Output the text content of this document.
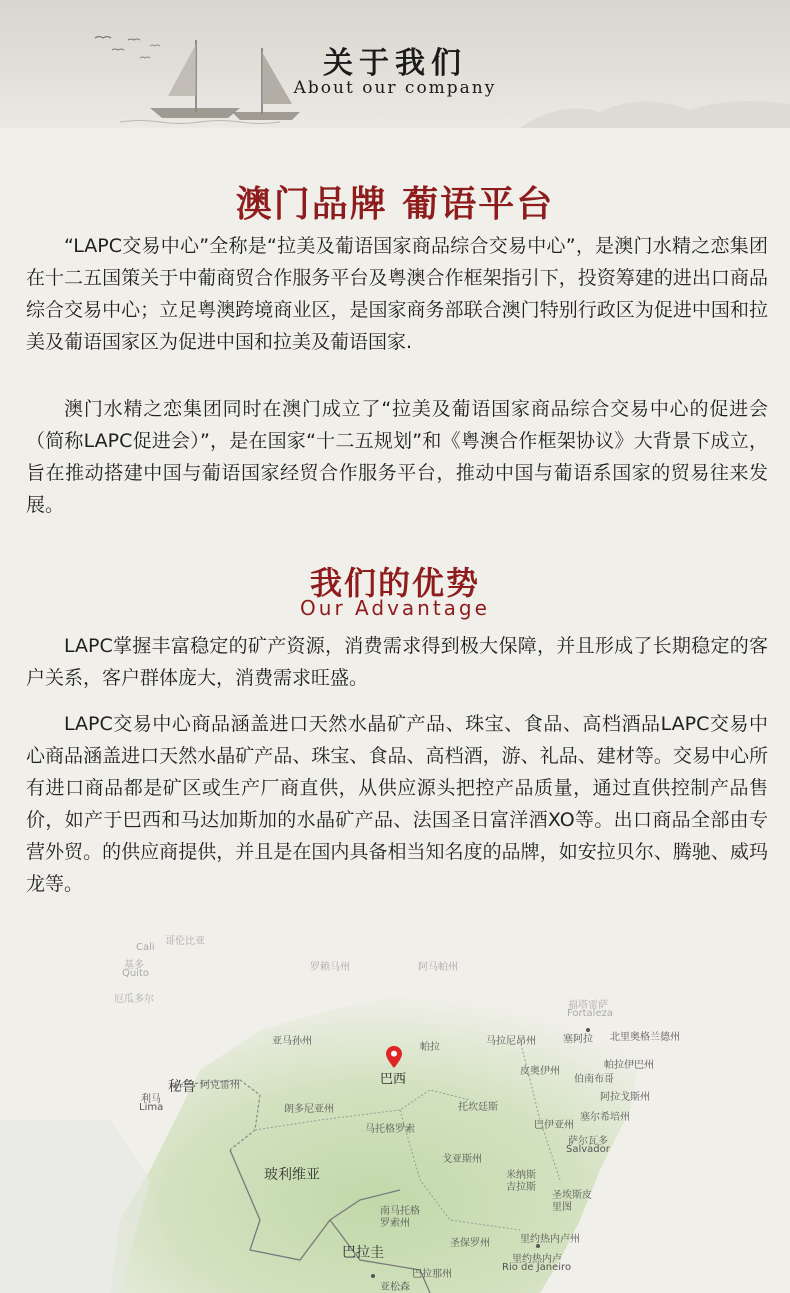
关于我们
About our company
澳门品牌 葡语平台

“LAPC交易中心”全称是“拉美及葡语国家商品综合交易中心”，是澳门水精之恋集团在十二五国策关于中葡商贸合作服务平台及粤澳合作框架指引下，投资筹建的进出口商品综合交易中心；立足粤澳跨境商业区，是国家商务部联合澳门特别行政区为促进中国和拉美及葡语国家区为促进中国和拉美及葡语国家.

澳门水精之恋集团同时在澳门成立了“拉美及葡语国家商品综合交易中心的促进会（简称LAPC促进会）”，是在国家“十二五规划”和《粤澳合作框架协议》大背景下成立，旨在推动搭建中国与葡语国家经贸合作服务平台，推动中国与葡语系国家的贸易往来发展。

我们的优势
Our Advantage

LAPC掌握丰富稳定的矿产资源，消费需求得到极大保障，并且形成了长期稳定的客户关系，客户群体庞大，消费需求旺盛。

LAPC交易中心商品涵盖进口天然水晶矿产品、珠宝、食品、高档酒品LAPC交易中心商品涵盖进口天然水晶矿产品、珠宝、食品、高档酒，游、礼品、建材等。交易中心所有进口商品都是矿区或生产厂商直供，从供应源头把控产品质量，通过直供控制产品售价，如产于巴西和马达加斯加的水晶矿产品、法国圣日富洋酒XO等。出口商品全部由专营外贸。的供应商提供，并且是在国内具备相当知名度的品牌，如安拉贝尔、腾驰、威玛龙等。

哥伦比亚
Cali
基多
Quito
厄瓜多尔
罗赖马州	阿马帕州
福塔雷萨
Fortaleza
亚马孙州
帕拉
马拉尼昂州	塞阿拉 北里奥格兰德州
皮奥伊州
帕拉伊巴州
伯南布哥
阿拉戈斯州
塞尔希培州
巴伊亚州
萨尔瓦多
Salvador
阿克雷州
朗多尼亚州	托坎廷斯
马托格罗索
戈亚斯州
米纳斯吉拉斯
圣埃斯皮里图
南马托格罗索州
圣保罗州	里约热内卢州
里约热内卢
Rio de Janeiro
巴拉那州
亚松森
巴西
玻利维亚
巴拉圭
秘鲁
利马
Lima
